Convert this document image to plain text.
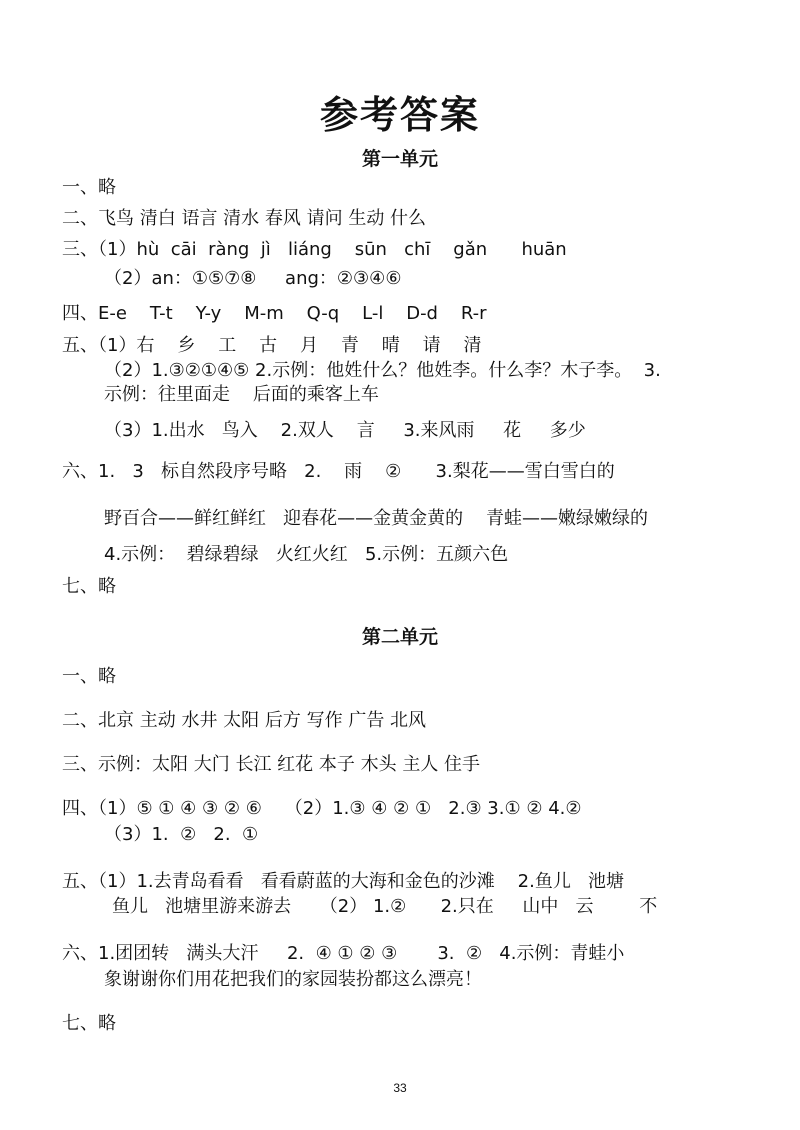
参考答案
第一单元
一、略
二、飞鸟 清白 语言 清水 春风 请问 生动 什么
三、（1）hù  cāi  ràng  jì   liáng    sūn   chī    gǎn      huān
（2）an：①⑤⑦⑧     ang：②③④⑥
四、E-e    T-t    Y-y    M-m    Q-q    L-l    D-d    R-r
五、（1）右    乡    工    古    月    青    晴    请    清
（2）1.③②①④⑤ 2.示例：他姓什么？他姓李。什么李？木子李。  3.
示例：往里面走    后面的乘客上车
（3）1.出水   鸟入    2.双人    言     3.来风雨     花     多少
六、1.   3   标自然段序号略   2.    雨    ②      3.梨花——雪白雪白的
野百合——鲜红鲜红   迎春花——金黄金黄的    青蛙——嫩绿嫩绿的
4.示例：  碧绿碧绿   火红火红   5.示例：五颜六色
七、略
第二单元
一、略
二、北京 主动 水井 太阳 后方 写作 广告 北风
三、示例：太阳 大门 长江 红花 本子 木头 主人 住手
四、（1）⑤ ① ④ ③ ② ⑥    （2）1.③ ④ ② ①   2.③ 3.① ② 4.②
（3）1.  ②   2.  ①
五、（1）1.去青岛看看   看看蔚蓝的大海和金色的沙滩    2.鱼儿   池塘
鱼儿   池塘里游来游去     （2） 1.②      2.只在     山中   云        不
六、1.团团转   满头大汗     2.  ④ ① ② ③       3.  ②   4.示例：青蛙小
象谢谢你们用花把我们的家园装扮都这么漂亮！
七、略
33
